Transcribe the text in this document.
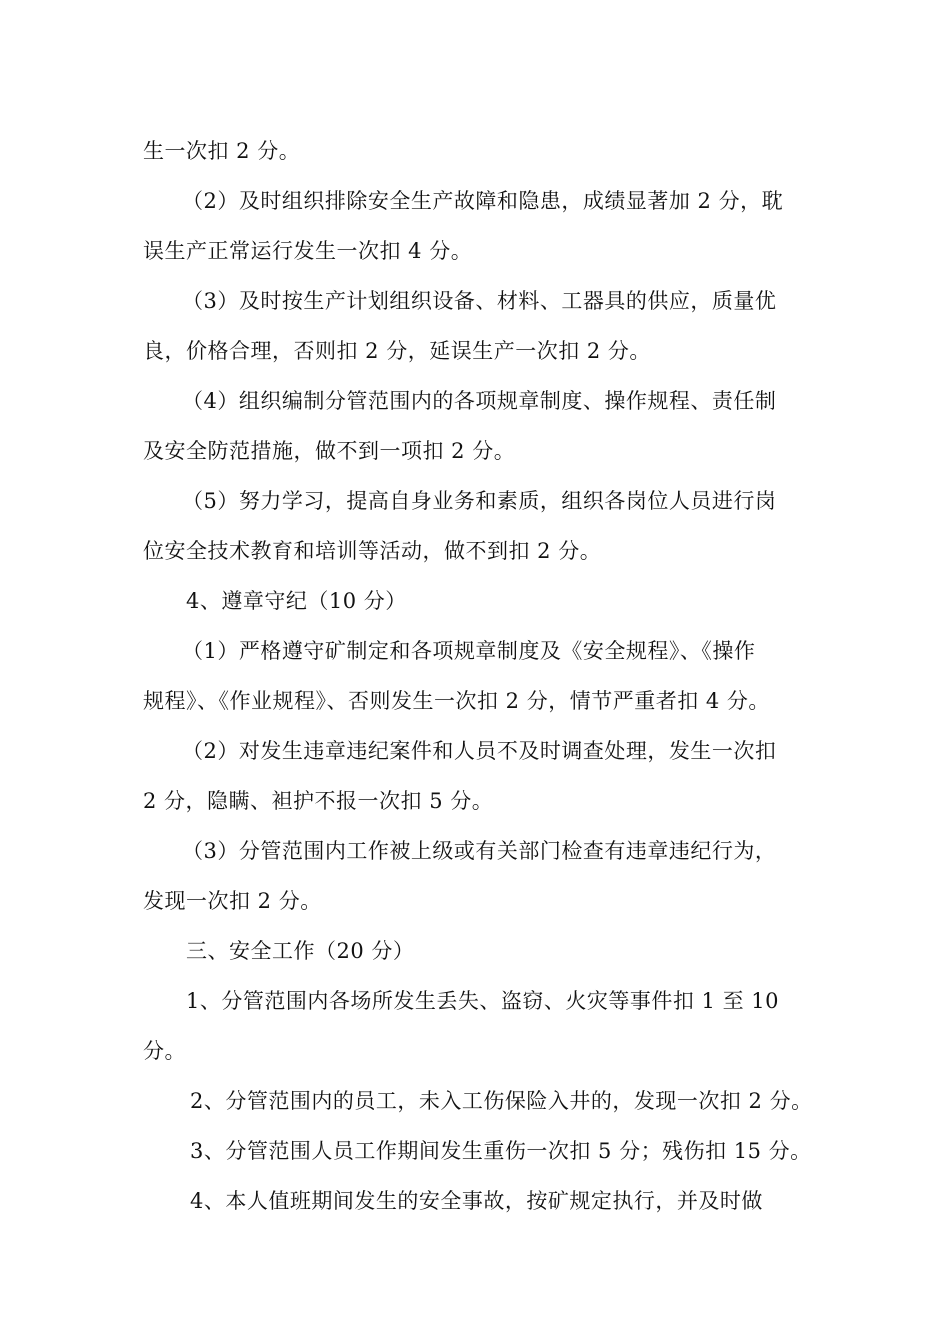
生一次扣 2 分。
（2）及时组织排除安全生产故障和隐患，成绩显著加 2 分，耽
误生产正常运行发生一次扣 4 分。
（3）及时按生产计划组织设备、材料、工器具的供应，质量优
良，价格合理，否则扣 2 分，延误生产一次扣 2 分。
（4）组织编制分管范围内的各项规章制度、操作规程、责任制
及安全防范措施，做不到一项扣 2 分。
（5）努力学习，提高自身业务和素质，组织各岗位人员进行岗
位安全技术教育和培训等活动，做不到扣 2 分。
4、遵章守纪（10 分）
（1）严格遵守矿制定和各项规章制度及《安全规程》、《操作
规程》、《作业规程》、否则发生一次扣 2 分，情节严重者扣 4 分。
（2）对发生违章违纪案件和人员不及时调查处理，发生一次扣
2 分，隐瞒、袒护不报一次扣 5 分。
（3）分管范围内工作被上级或有关部门检查有违章违纪行为，
发现一次扣 2 分。
三、安全工作（20 分）
1、分管范围内各场所发生丢失、盗窃、火灾等事件扣 1 至 10
分。
2、分管范围内的员工，未入工伤保险入井的，发现一次扣 2 分。
3、分管范围人员工作期间发生重伤一次扣 5 分；残伤扣 15 分。
4、本人值班期间发生的安全事故，按矿规定执行，并及时做
